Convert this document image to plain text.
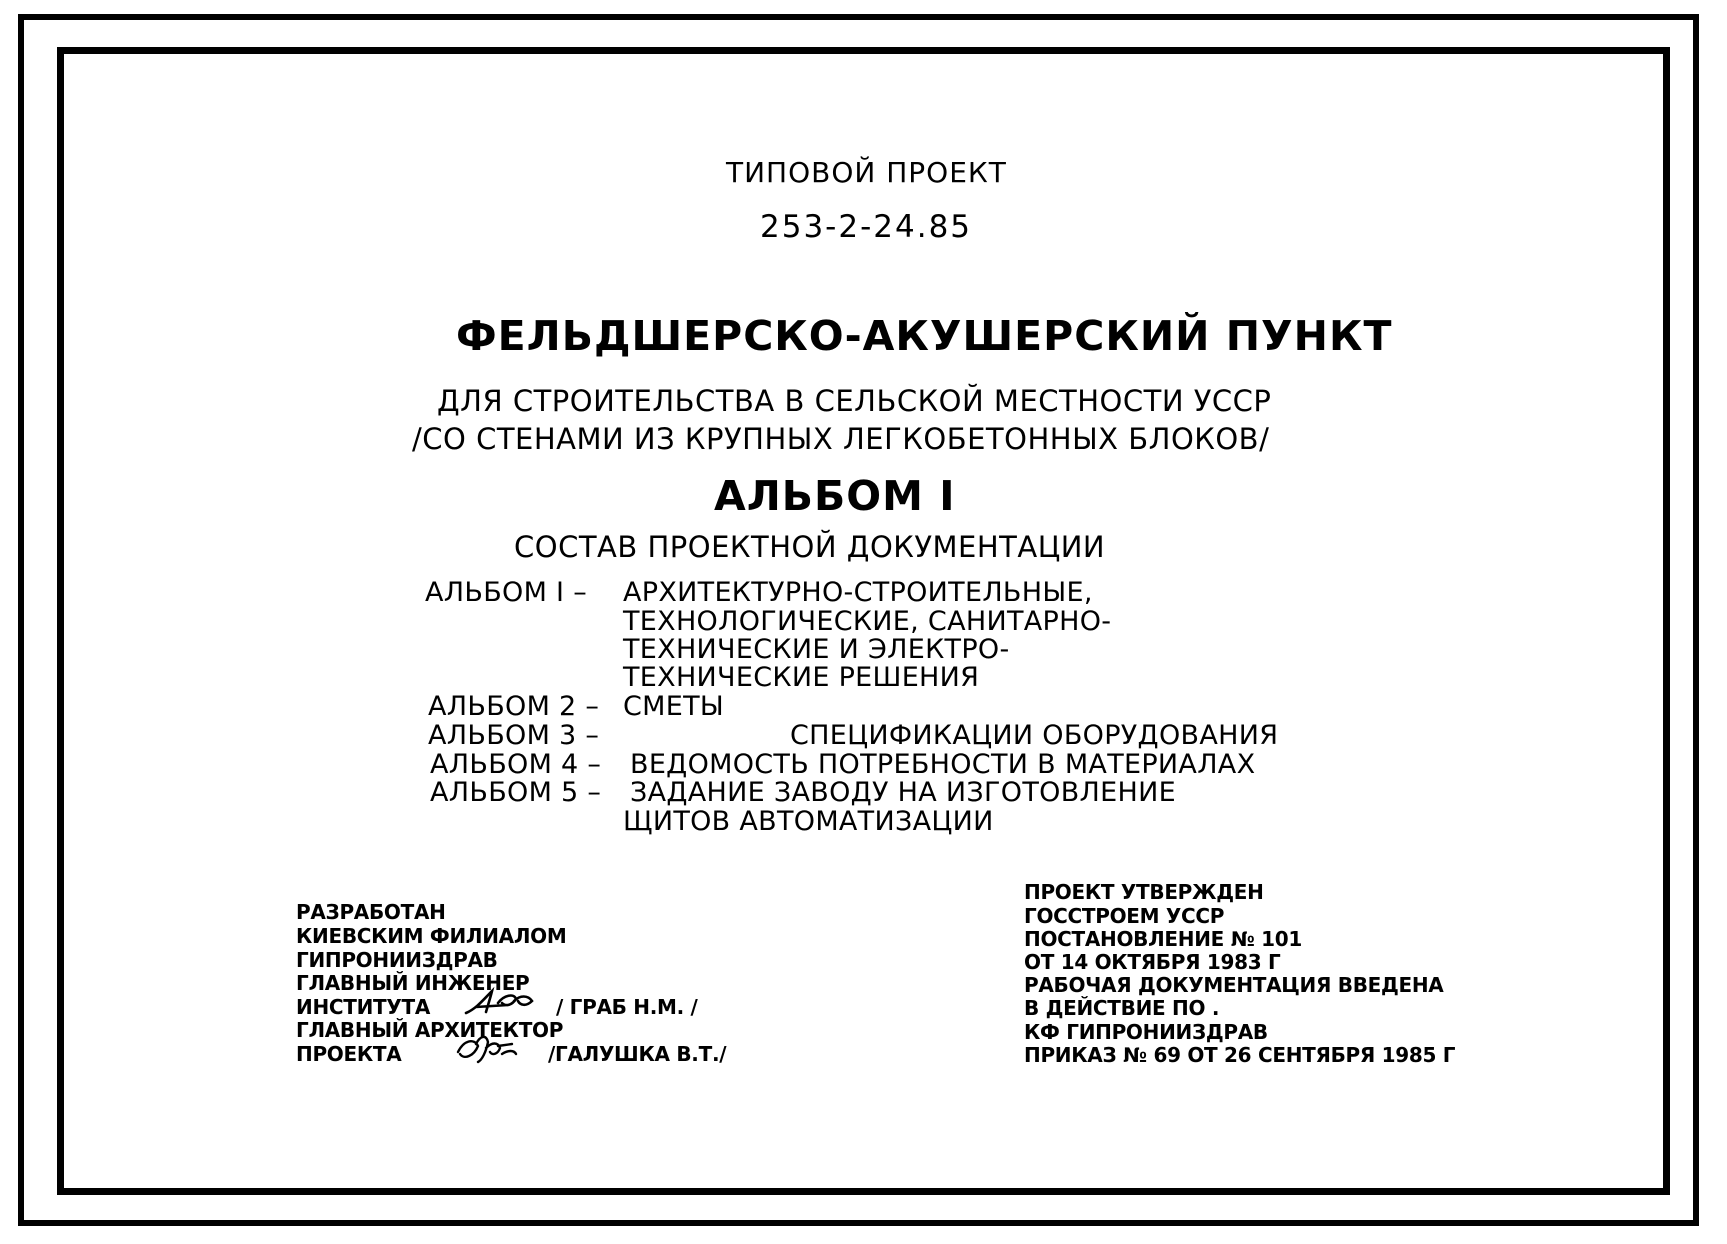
ТИПОВОЙ ПРОЕКТ
253-2-24.85
ФЕЛЬДШЕРСКО-АКУШЕРСКИЙ ПУНКТ
ДЛЯ СТРОИТЕЛЬСТВА В СЕЛЬСКОЙ МЕСТНОСТИ УССР
/СО СТЕНАМИ ИЗ КРУПНЫХ ЛЕГКОБЕТОННЫХ БЛОКОВ/
АЛЬБОМ I
СОСТАВ ПРОЕКТНОЙ ДОКУМЕНТАЦИИ
АЛЬБОМ I – АРХИТЕКТУРНО-СТРОИТЕЛЬНЫЕ,
ТЕХНОЛОГИЧЕСКИЕ, САНИТАРНО-
ТЕХНИЧЕСКИЕ И ЭЛЕКТРО-
ТЕХНИЧЕСКИЕ РЕШЕНИЯ
АЛЬБОМ 2 – СМЕТЫ
АЛЬБОМ 3 –	СПЕЦИФИКАЦИИ ОБОРУДОВАНИЯ
АЛЬБОМ 4 – ВЕДОМОСТЬ ПОТРЕБНОСТИ В МАТЕРИАЛАХ
АЛЬБОМ 5 – ЗАДАНИЕ ЗАВОДУ НА ИЗГОТОВЛЕНИЕ
ЩИТОВ АВТОМАТИЗАЦИИ
РАЗРАБОТАН
КИЕВСКИМ ФИЛИАЛОМ
ГИПРОНИИЗДРАВ
ГЛАВНЫЙ ИНЖЕНЕР
ИНСТИТУТА	/ ГРАБ Н.М. /
ГЛАВНЫЙ АРХИТЕКТОР
ПРОЕКТА	/ГАЛУШКА В.Т./
ПРОЕКТ УТВЕРЖДЕН
ГОССТРОЕМ УССР
ПОСТАНОВЛЕНИЕ № 101
ОТ 14 ОКТЯБРЯ 1983 Г
РАБОЧАЯ ДОКУМЕНТАЦИЯ ВВЕДЕНА
В ДЕЙСТВИЕ ПО .
КФ ГИПРОНИИЗДРАВ
ПРИКАЗ № 69 ОТ 26 СЕНТЯБРЯ 1985 Г
